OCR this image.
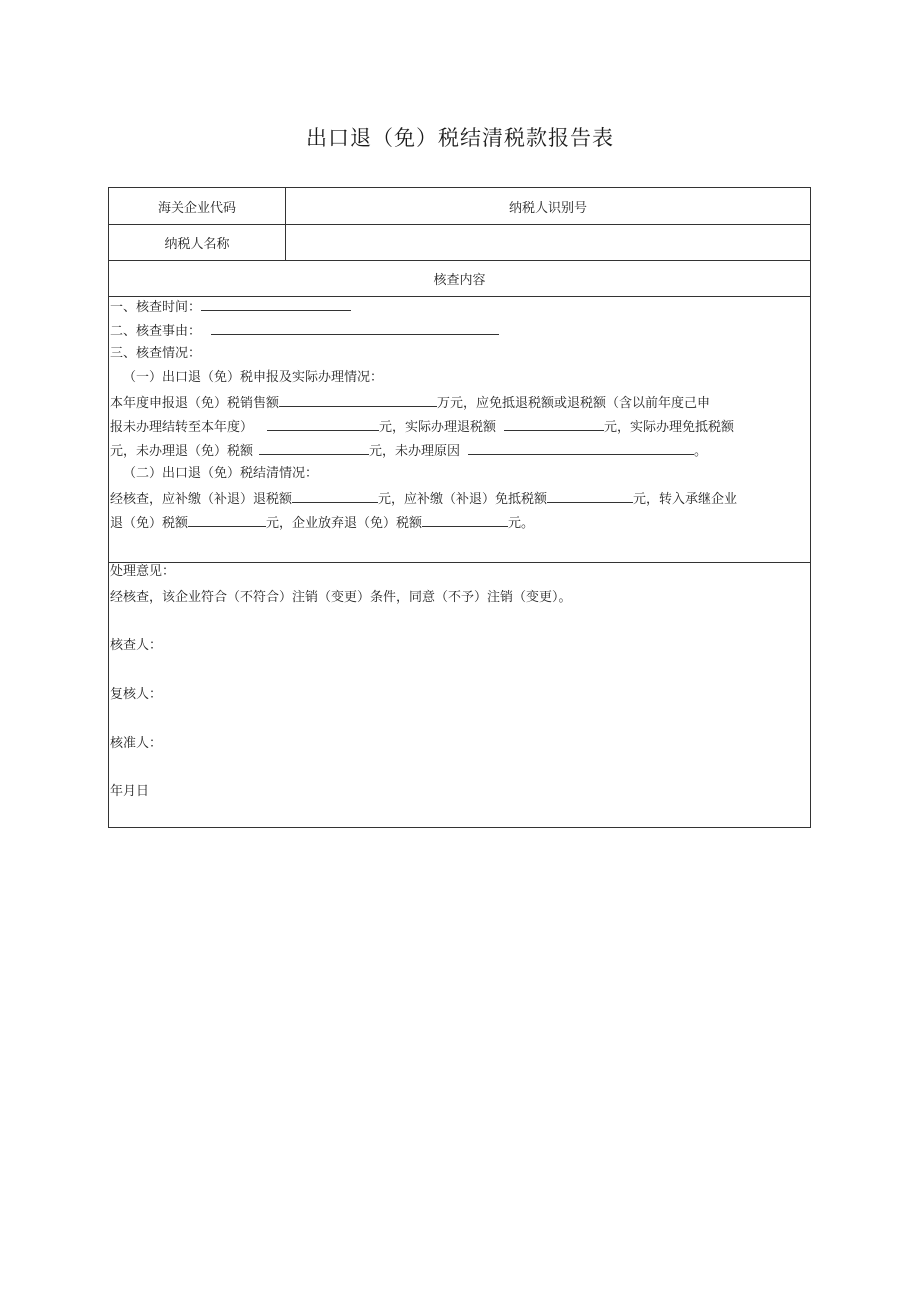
出口退（免）税结清税款报告表
海关企业代码	纳税人识别号
纳税人名称
核查内容
一、核查时间：
二、核查事由：
三、核查情况：
（一）出口退（免）税申报及实际办理情况：
本年度申报退（免）税销售额	万元，应免抵退税额或退税额（含以前年度己申
报未办理结转至本年度）	元，实际办理退税额	元，实际办理免抵税额
元，未办理退（免）税额	元，未办理原因	。
（二）出口退（免）税结清情况：
经核查，应补缴（补退）退税额	元，应补缴（补退）免抵税额	元，转入承继企业
退（免）税额	元，企业放弃退（免）税额	元。
处理意见：
经核查，该企业符合（不符合）注销（变更）条件，同意（不予）注销（变更）。
核查人：
复核人：
核准人：
年月日
